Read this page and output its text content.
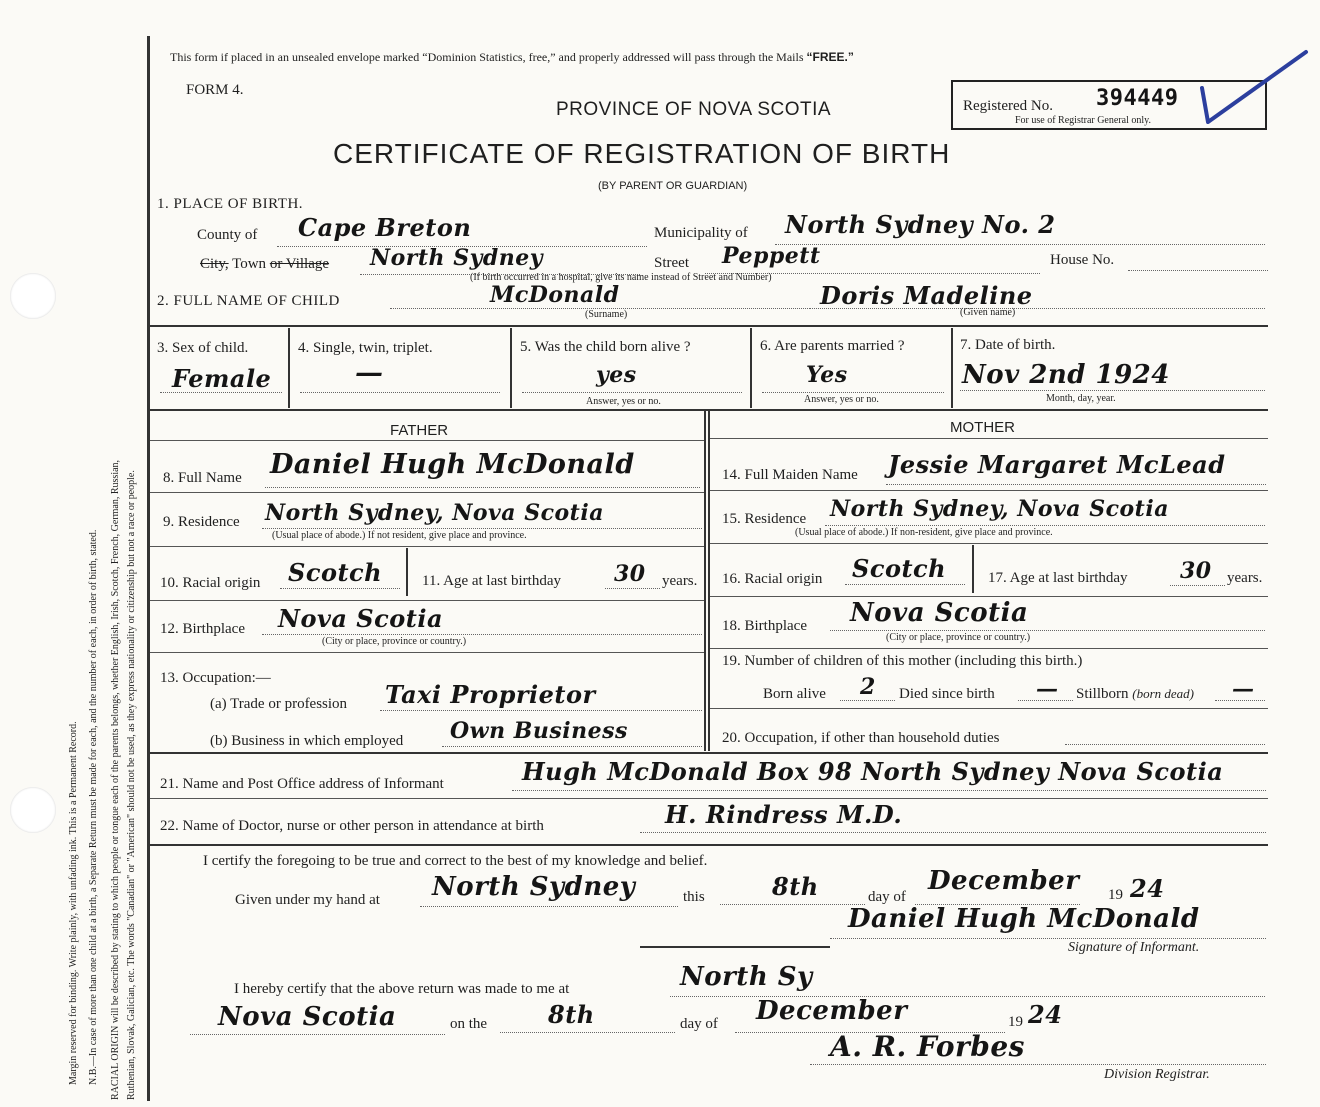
Margin reserved for binding. Write plainly, with unfading ink. This is a Permanent Record. N.B.—In case of more than one child at a birth, a Separate Return must be made for each, and the number of each, in order of birth, stated. RACIAL ORIGIN will be described by stating to which people or tongue each of the parents belongs, whether English, Irish, Scotch, French, German, Russian, Ruthenian, Slovak, Galician, etc. The words "Canadian" or "American" should not be used, as they express nationality or citizenship but not a race or people.
This form if placed in an unsealed envelope marked “Dominion Statistics, free,” and properly addressed will pass through the Mails “FREE.”
FORM 4.
PROVINCE OF NOVA SCOTIA
CERTIFICATE OF REGISTRATION OF BIRTH
(BY PARENT OR GUARDIAN)
Registered No. 394449
For use of Registrar General only.
1. PLACE OF BIRTH.
County of Cape Breton	Municipality of North Sydney No. 2
City, Town or Village North Sydney	Street Peppett	House No.
(If birth occurred in a hospital, give its name instead of Street and Number)
2. FULL NAME OF CHILD	McDonald
(Surname)
Doris Madeline
(Given name)
3. Sex of child.
Female
4. Single, twin, triplet.
—
5. Was the child born alive ?
yes
Answer, yes or no.
6. Are parents married ?
Yes
Answer, yes or no.
7. Date of birth.
Nov 2nd 1924
Month, day, year.
FATHER	MOTHER
8. Full Name Daniel Hugh McDonald
9. Residence North Sydney, Nova Scotia
(Usual place of abode.) If not resident, give place and province.
10. Racial origin Scotch	11. Age at last birthday 30 years.
12. Birthplace Nova Scotia
(City or place, province or country.)
13. Occupation:—
(a) Trade or profession Taxi Proprietor
(b) Business in which employed Own Business
14. Full Maiden Name Jessie Margaret McLead
15. Residence North Sydney, Nova Scotia
(Usual place of abode.) If non-resident, give place and province.
16. Racial origin Scotch	17. Age at last birthday 30 years.
18. Birthplace Nova Scotia
(City or place, province or country.)
19. Number of children of this mother (including this birth.)
Born alive 2 Died since birth — Stillborn (born dead) —
20. Occupation, if other than household duties
21. Name and Post Office address of Informant	Hugh McDonald Box 98 North Sydney Nova Scotia
22. Name of Doctor, nurse or other person in attendance at birth	H. Rindress M.D.
I certify the foregoing to be true and correct to the best of my knowledge and belief.
Given under my hand at North Sydney	this	8th	day of
December 19 24
Daniel Hugh McDonald
Signature of Informant.
I hereby certify that the above return was made to me at	North Sy
Nova Scotia	on the	8th	day of December	19 24
A. R. Forbes
Division Registrar.
